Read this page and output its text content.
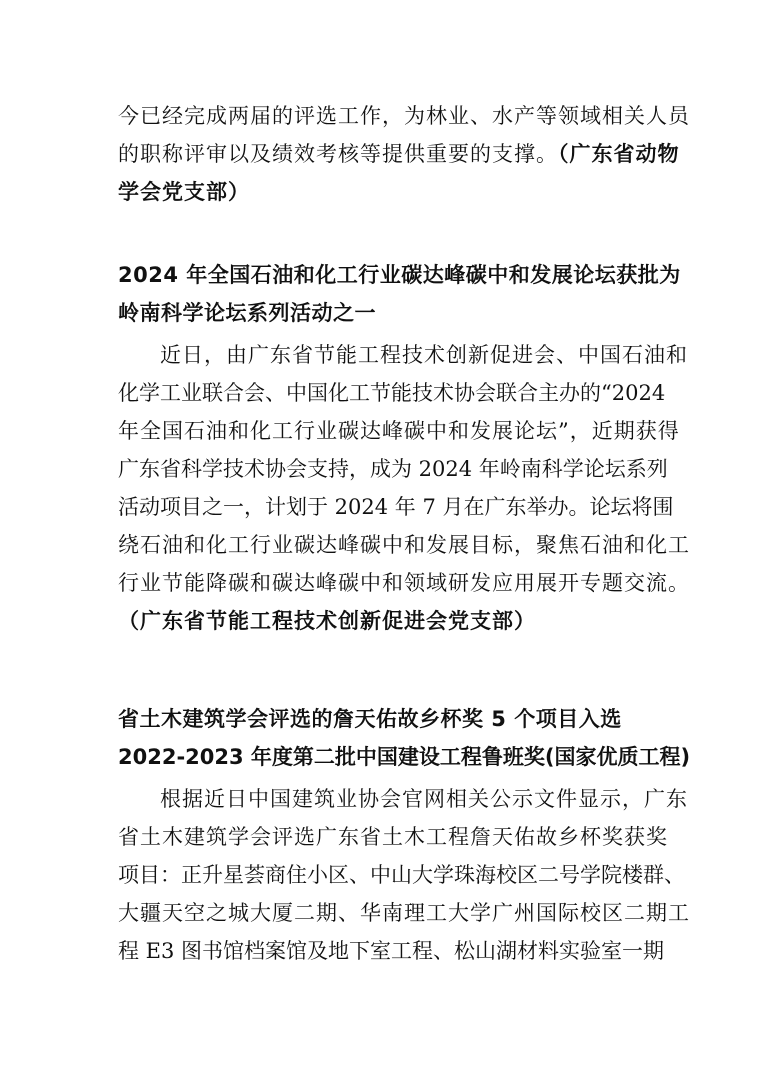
今已经完成两届的评选工作，为林业、水产等领域相关人员
的职称评审以及绩效考核等提供重要的支撑。（广东省动物
学会党支部）
2024 年全国石油和化工行业碳达峰碳中和发展论坛获批为
岭南科学论坛系列活动之一
近日，由广东省节能工程技术创新促进会、中国石油和
化学工业联合会、中国化工节能技术协会联合主办的“2024
年全国石油和化工行业碳达峰碳中和发展论坛”，近期获得
广东省科学技术协会支持，成为 2024 年岭南科学论坛系列
活动项目之一，计划于 2024 年 7 月在广东举办。论坛将围
绕石油和化工行业碳达峰碳中和发展目标，聚焦石油和化工
行业节能降碳和碳达峰碳中和领域研发应用展开专题交流。
（广东省节能工程技术创新促进会党支部）
省土木建筑学会评选的詹天佑故乡杯奖 5 个项目入选
2022-2023 年度第二批中国建设工程鲁班奖(国家优质工程)
根据近日中国建筑业协会官网相关公示文件显示，广东
省土木建筑学会评选广东省土木工程詹天佑故乡杯奖获奖
项目：正升星荟商住小区、中山大学珠海校区二号学院楼群、
大疆天空之城大厦二期、华南理工大学广州国际校区二期工
程 E3 图书馆档案馆及地下室工程、松山湖材料实验室一期
